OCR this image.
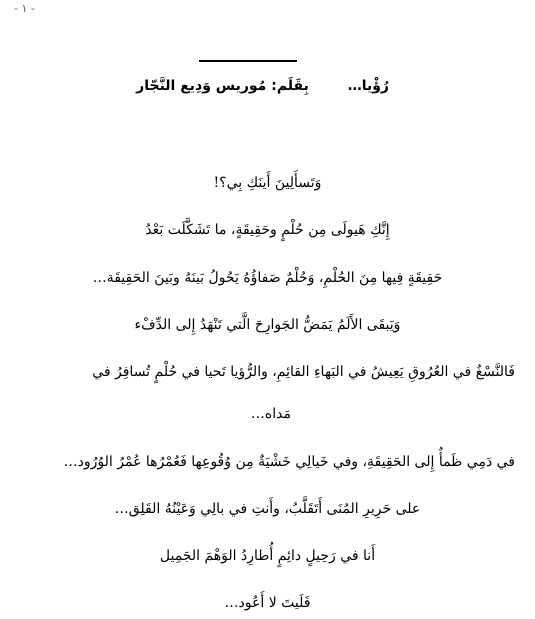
- ١ -
رُؤْيا… بِقَلَم: مُوريس وَدِيع النَّجّار
وَتَسأَلِينَ أَينَكِ بِي؟!
إِنَّكِ هَيولَى مِن حُلْمٍ وحَقِيقَةٍ، ما تَشَكَّلَت بَعْدُ
حَقِيقَةٍ فِيها مِنَ الحُلْمِ، وَحُلْمٌ صَفاؤُهُ يَحُولُ بَينَهُ وبَينَ الحَقِيقَة…
وَيَبقَى الأَلَمُ يَمَضُّ الجَوارِحَ الَّتي تَنْهَدُ إِلى الدِّفْء
فَالنَّسْغُ في العُرُوقِ يَعِيشُ في البَهاءِ القائِمِ، والرُّؤيا تَحيا في حُلْمٍ تُسافِرُ في
مَداه…
في دَمِي ظَمأٌ إِلى الحَقِيقَةِ، وفي خَيالِي خَشْيَةٌ مِن وُقُوعِها فَعُمْرُها عُمْرُ الوُرُود…
على حَرِيرِ المُنَى أَتَقَلَّبُ، وأَنتِ في بالِي وَعَيْنُهُ القَلِق…
أَنا في رَحِيلٍ دائِمٍ أُطارِدُ الوَهْمَ الجَمِيل
فَلَيتَ لا أَعُود…
